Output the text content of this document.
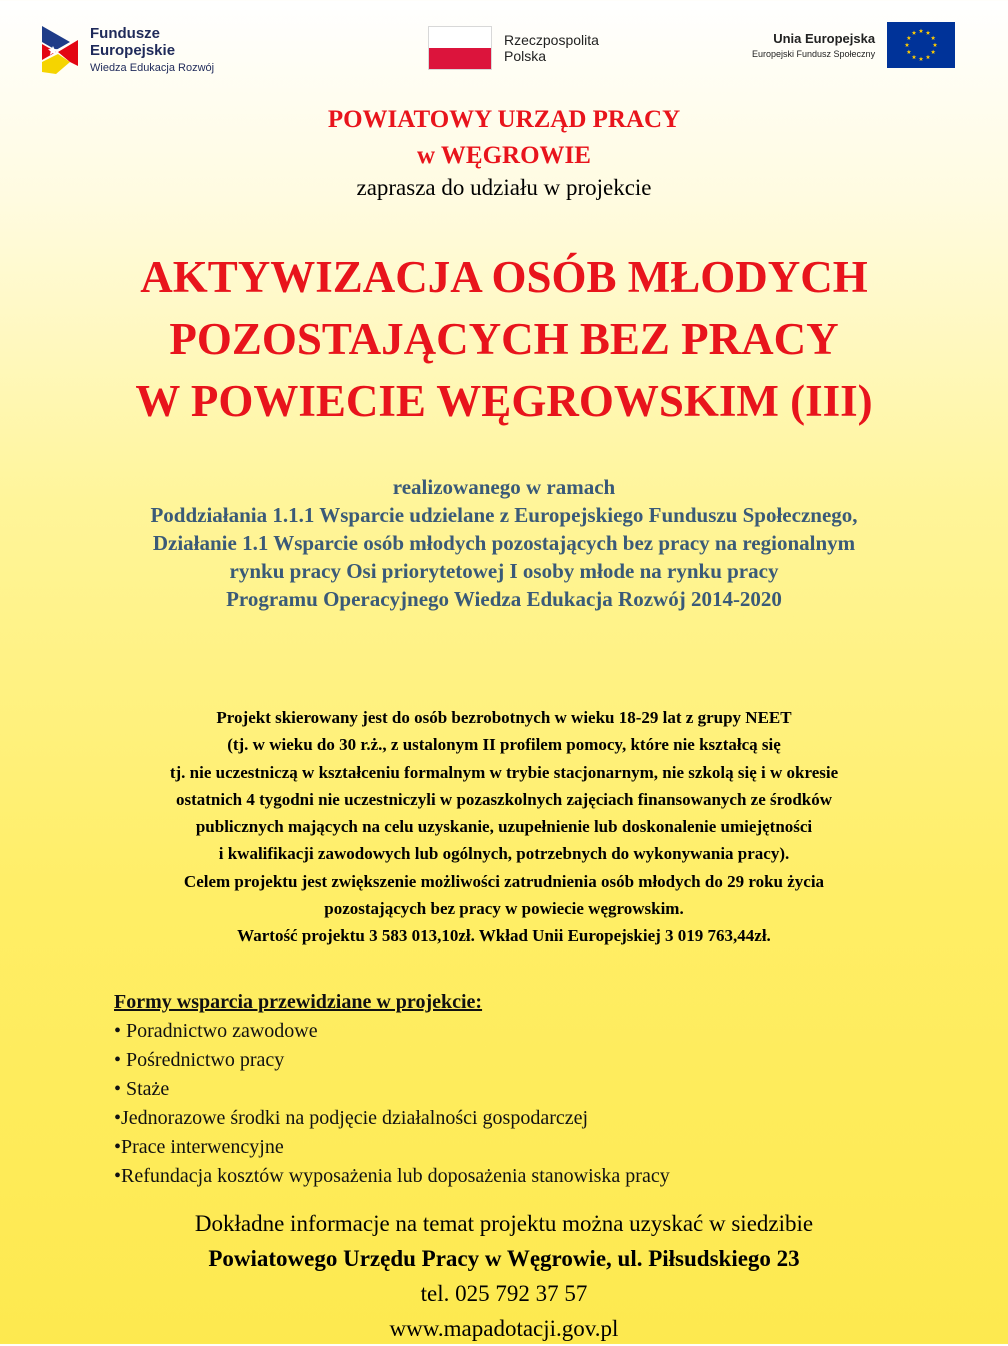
Fundusze
Europejskie
Wiedza Edukacja Rozwój
Rzeczpospolita
Polska
Unia Europejska
Europejski Fundusz Społeczny
POWIATOWY URZĄD PRACY
w WĘGROWIE
zaprasza do udziału w projekcie
AKTYWIZACJA OSÓB MŁODYCH
POZOSTAJĄCYCH BEZ PRACY
W POWIECIE WĘGROWSKIM (III)
realizowanego w ramach
Poddziałania 1.1.1 Wsparcie udzielane z Europejskiego Funduszu Społecznego,
Działanie 1.1 Wsparcie osób młodych pozostających bez pracy na regionalnym
rynku pracy Osi priorytetowej I osoby młode na rynku pracy
Programu Operacyjnego Wiedza Edukacja Rozwój 2014-2020
Projekt skierowany jest do osób bezrobotnych w wieku 18-29 lat z grupy NEET
(tj. w wieku do 30 r.ż., z ustalonym II profilem pomocy, które nie kształcą się
tj. nie uczestniczą w kształceniu formalnym w trybie stacjonarnym, nie szkolą się i w okresie
ostatnich 4 tygodni nie uczestniczyli w pozaszkolnych zajęciach finansowanych ze środków
publicznych mających na celu uzyskanie, uzupełnienie lub doskonalenie umiejętności
i kwalifikacji zawodowych lub ogólnych, potrzebnych do wykonywania pracy).
Celem projektu jest zwiększenie możliwości zatrudnienia osób młodych do 29 roku życia
pozostających bez pracy w powiecie węgrowskim.
Wartość projektu 3 583 013,10zł. Wkład Unii Europejskiej 3 019 763,44zł.
Formy wsparcia przewidziane w projekcie:
• Poradnictwo zawodowe
• Pośrednictwo pracy
• Staże
•Jednorazowe środki na podjęcie działalności gospodarczej
•Prace interwencyjne
•Refundacja kosztów wyposażenia lub doposażenia stanowiska pracy
Dokładne informacje na temat projektu można uzyskać w siedzibie
Powiatowego Urzędu Pracy w Węgrowie, ul. Piłsudskiego 23
tel. 025 792 37 57
www.mapadotacji.gov.pl
